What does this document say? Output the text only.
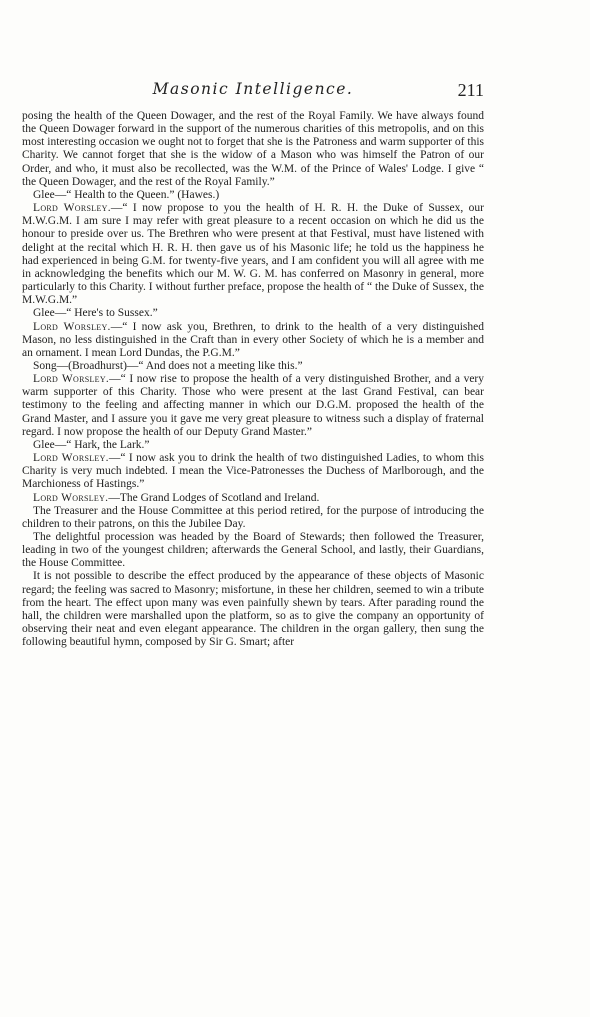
Masonic Intelligence.	211

posing the health of the Queen Dowager, and the rest of the Royal Family. We have always found the Queen Dowager forward in the support of the numerous charities of this metropolis, and on this most interesting occasion we ought not to forget that she is the Patroness and warm supporter of this Charity. We cannot forget that she is the widow of a Mason who was himself the Patron of our Order, and who, it must also be recollected, was the W.M. of the Prince of Wales' Lodge. I give “ the Queen Dowager, and the rest of the Royal Family.”

Glee—“ Health to the Queen.” (Hawes.)

Lord Worsley.—“ I now propose to you the health of H. R. H. the Duke of Sussex, our M.W.G.M. I am sure I may refer with great pleasure to a recent occasion on which he did us the honour to preside over us. The Brethren who were present at that Festival, must have listened with delight at the recital which H. R. H. then gave us of his Masonic life; he told us the happiness he had experienced in being G.M. for twenty-five years, and I am confident you will all agree with me in acknowledging the benefits which our M. W. G. M. has conferred on Masonry in general, more particularly to this Charity. I without further preface, propose the health of “ the Duke of Sussex, the M.W.G.M.”

Glee—“ Here's to Sussex.”

Lord Worsley.—“ I now ask you, Brethren, to drink to the health of a very distinguished Mason, no less distinguished in the Craft than in every other Society of which he is a member and an ornament. I mean Lord Dundas, the P.G.M.”

Song—(Broadhurst)—“ And does not a meeting like this.”

Lord Worsley.—“ I now rise to propose the health of a very distinguished Brother, and a very warm supporter of this Charity. Those who were present at the last Grand Festival, can bear testimony to the feeling and affecting manner in which our D.G.M. proposed the health of the Grand Master, and I assure you it gave me very great pleasure to witness such a display of fraternal regard. I now propose the health of our Deputy Grand Master.”

Glee—“ Hark, the Lark.”

Lord Worsley.—“ I now ask you to drink the health of two distinguished Ladies, to whom this Charity is very much indebted. I mean the Vice-Patronesses the Duchess of Marlborough, and the Marchioness of Hastings.”

Lord Worsley.—The Grand Lodges of Scotland and Ireland.

The Treasurer and the House Committee at this period retired, for the purpose of introducing the children to their patrons, on this the Jubilee Day.

The delightful procession was headed by the Board of Stewards; then followed the Treasurer, leading in two of the youngest children; afterwards the General School, and lastly, their Guardians, the House Committee.

It is not possible to describe the effect produced by the appearance of these objects of Masonic regard; the feeling was sacred to Masonry; misfortune, in these her children, seemed to win a tribute from the heart. The effect upon many was even painfully shewn by tears. After parading round the hall, the children were marshalled upon the platform, so as to give the company an opportunity of observing their neat and even elegant appearance. The children in the organ gallery, then sung the following beautiful hymn, composed by Sir G. Smart; after
